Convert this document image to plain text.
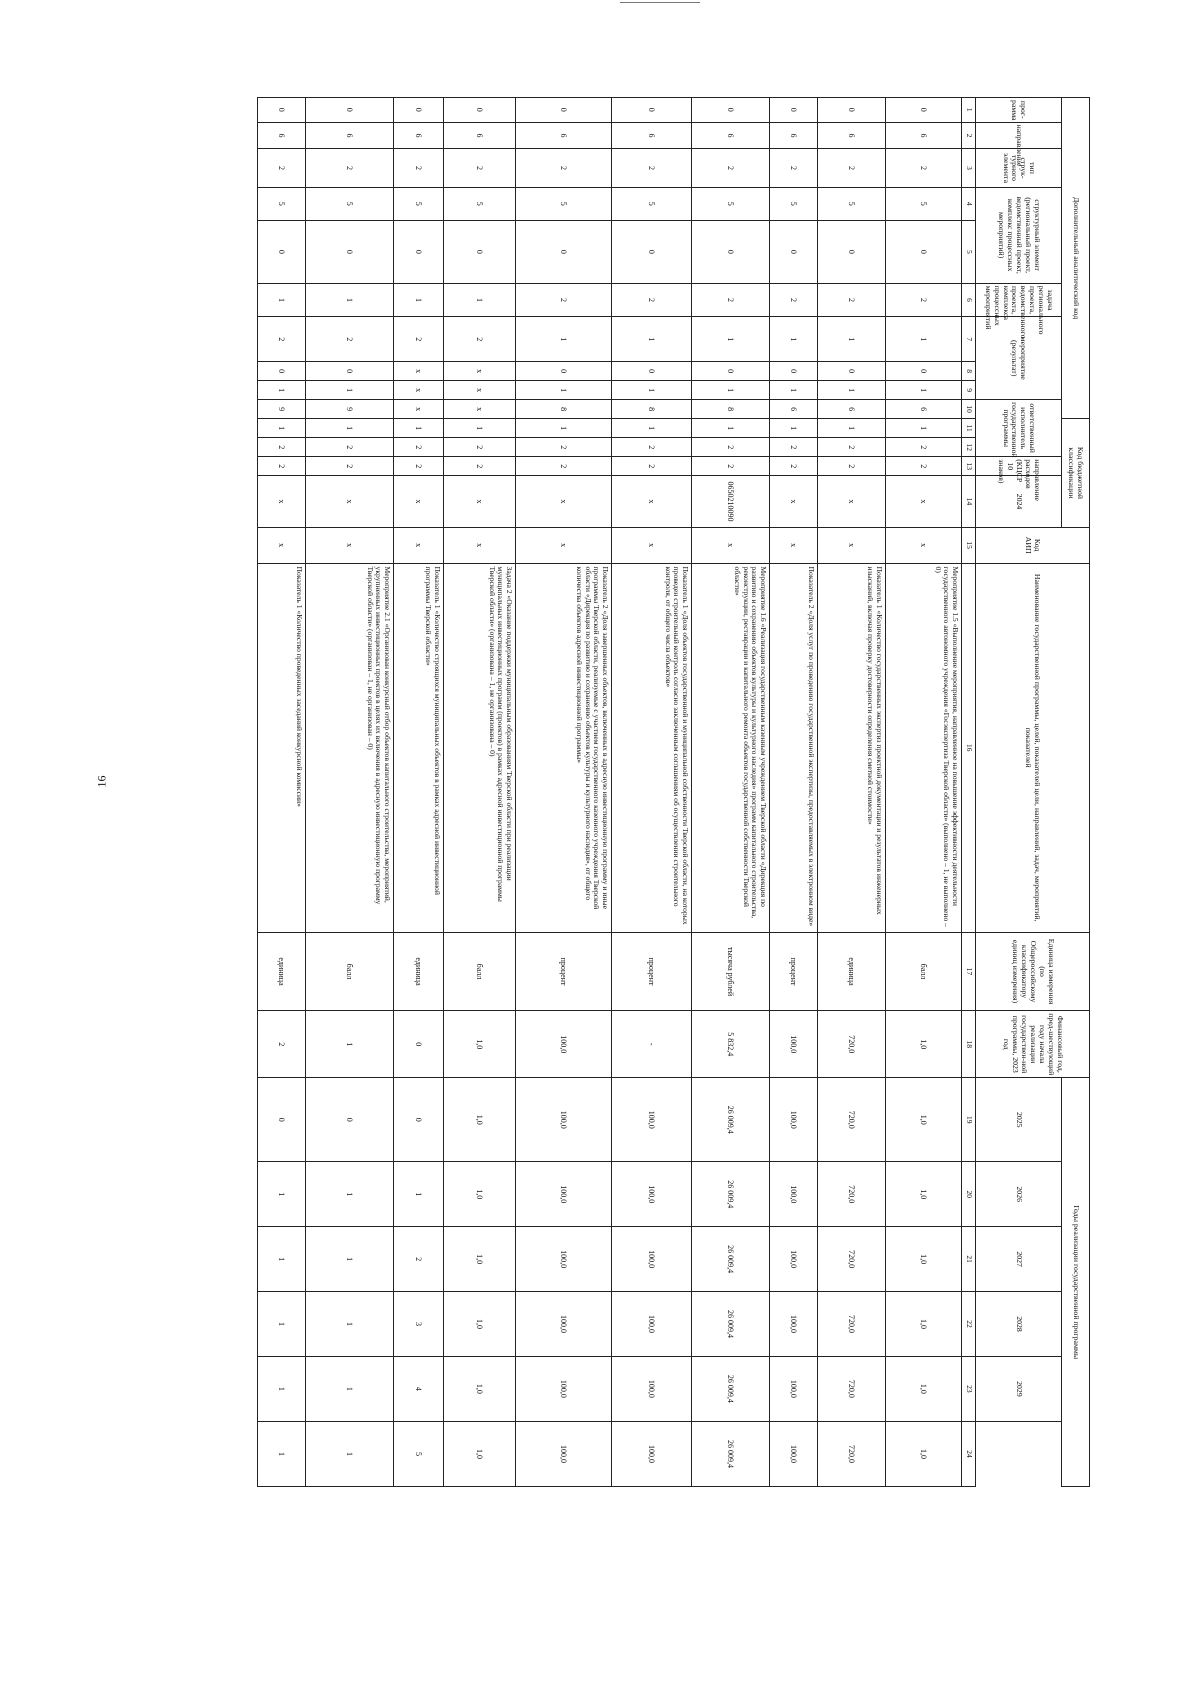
16
Дополнительный аналитический код										Код бюджетной классификации				Код АИП	Наименование государственной программы, целей, показателей цели, направлений, задач, мероприятий, показателей	Единица измерения (по Общероссийскому классификатору единиц измерения)	Финансовый год, пред-шествующий году начала реализации государствен-ной программы, 2023 год	Годы реализации государственной программы					
прог-рамма	направление	тип струк-турного элемента	структурный элемент (региональный проект, ведомственный проект, комплекс процессных мероприятий)		задача регионального проекта, ведомственного проекта, комплекса процессных мероприятий	мероприятие (результат)			ответственный исполнитель государственной программы			направление расходов (КЦСР 10 знаков)	2024					2025	2026	2027	2028	2029	

1	2	3	4	5	6	7	8	9	10	11	12	13	14	15	16	17	18	19	20	21	22	23	24
0	6	2	5	0	2	1	0	1	6	1	2	2	x	x	Мероприятие 1.5 «Выполнение мероприятия, направленное на повышение эффективности деятельности государственного автономного учреждения «Госэкспертиза Тверской области» (выполнено – 1, не выполнено – 0)	балл	1,0	1,0	1,0	1,0	1,0	1,0	1,0
0	6	2	5	0	2	1	0	1	6	1	2	2	x	x	Показатель 1 «Количество государственных экспертиз проектной документации и результатов инженерных изысканий, включая проверку достоверности определения сметной стоимости»	единица	720,0	720,0	720,0	720,0	720,0	720,0	720,0
0	6	2	5	0	2	1	0	1	6	1	2	2	x	x	Показатель 2 «Доля услуг по проведению государственной экспертизы, предоставляемых в электронном виде»	процент	100,0	100,0	100,0	100,0	100,0	100,0	100,0
0	6	2	5	0	2	1	0	1	8	1	2	2	0650210090	x	Мероприятие 1.6 «Реализация государственным казенным учреждением Тверской области «Дирекция по развитию и сохранению объектов культуры и культурного наследия» программ капитального строительства, реконструкции, реставрации и капитального ремонта объектов государственной собственности Тверской области»	тысяча рублей	5 832,4	26 009,4	26 009,4	26 009,4	26 009,4	26 009,4	26 009,4
0	6	2	5	0	2	1	0	1	8	1	2	2	x	x	Показатель 1 «Доля объектов государственной и муниципальной собственности Тверской области, на которых проведен строительный контроль согласно заключенным соглашениям об осуществлении строительного контроля, от общего числа объектов»	процент	-	100,0	100,0	100,0	100,0	100,0	100,0
0	6	2	5	0	2	1	0	1	8	1	2	2	x	x	Показатель 2 «Доля завершенных объектов, включенных в адресную инвестиционную программу и иные программы Тверской области, реализуемые с участием государственного казенного учреждения Тверской области «Дирекция по развитию и сохранению объектов культуры и культурного наследия», от общего количества объектов адресной инвестиционной программы»	процент	100,0	100,0	100,0	100,0	100,0	100,0	100,0
0	6	2	5	0	1	2	x	x	x	1	2	2	x	x	Задача 2 «Оказание поддержки муниципальным образованиям Тверской области при реализации муниципальных инвестиционных программ (проектов) в рамках адресной инвестиционной программы Тверской области» (организована – 1, не организована – 0)	балл	1,0	1,0	1,0	1,0	1,0	1,0	1,0
0	6	2	5	0	1	2	x	x	x	1	2	2	x	x	Показатель 1 «Количество строящихся муниципальных объектов в рамках адресной инвестиционной программы Тверской области»	единица	0	0	1	2	3	4	5
0	6	2	5	0	1	2	0	1	9	1	2	2	x	x	Мероприятие 2.1 «Организован конкурсный отбор объектов капитального строительства, мероприятий, укрупненных инвестиционных проектов в целях их включения в адресную инвестиционную программу Тверской области» (организован – 1, не организован – 0)	балл	1	0	1	1	1	1	1
0	6	2	5	0	1	2	0	1	9	1	2	2	x	x	Показатель 1 «Количество проведенных заседаний конкурсной комиссии»	единица	2	0	1	1	1	1	1
